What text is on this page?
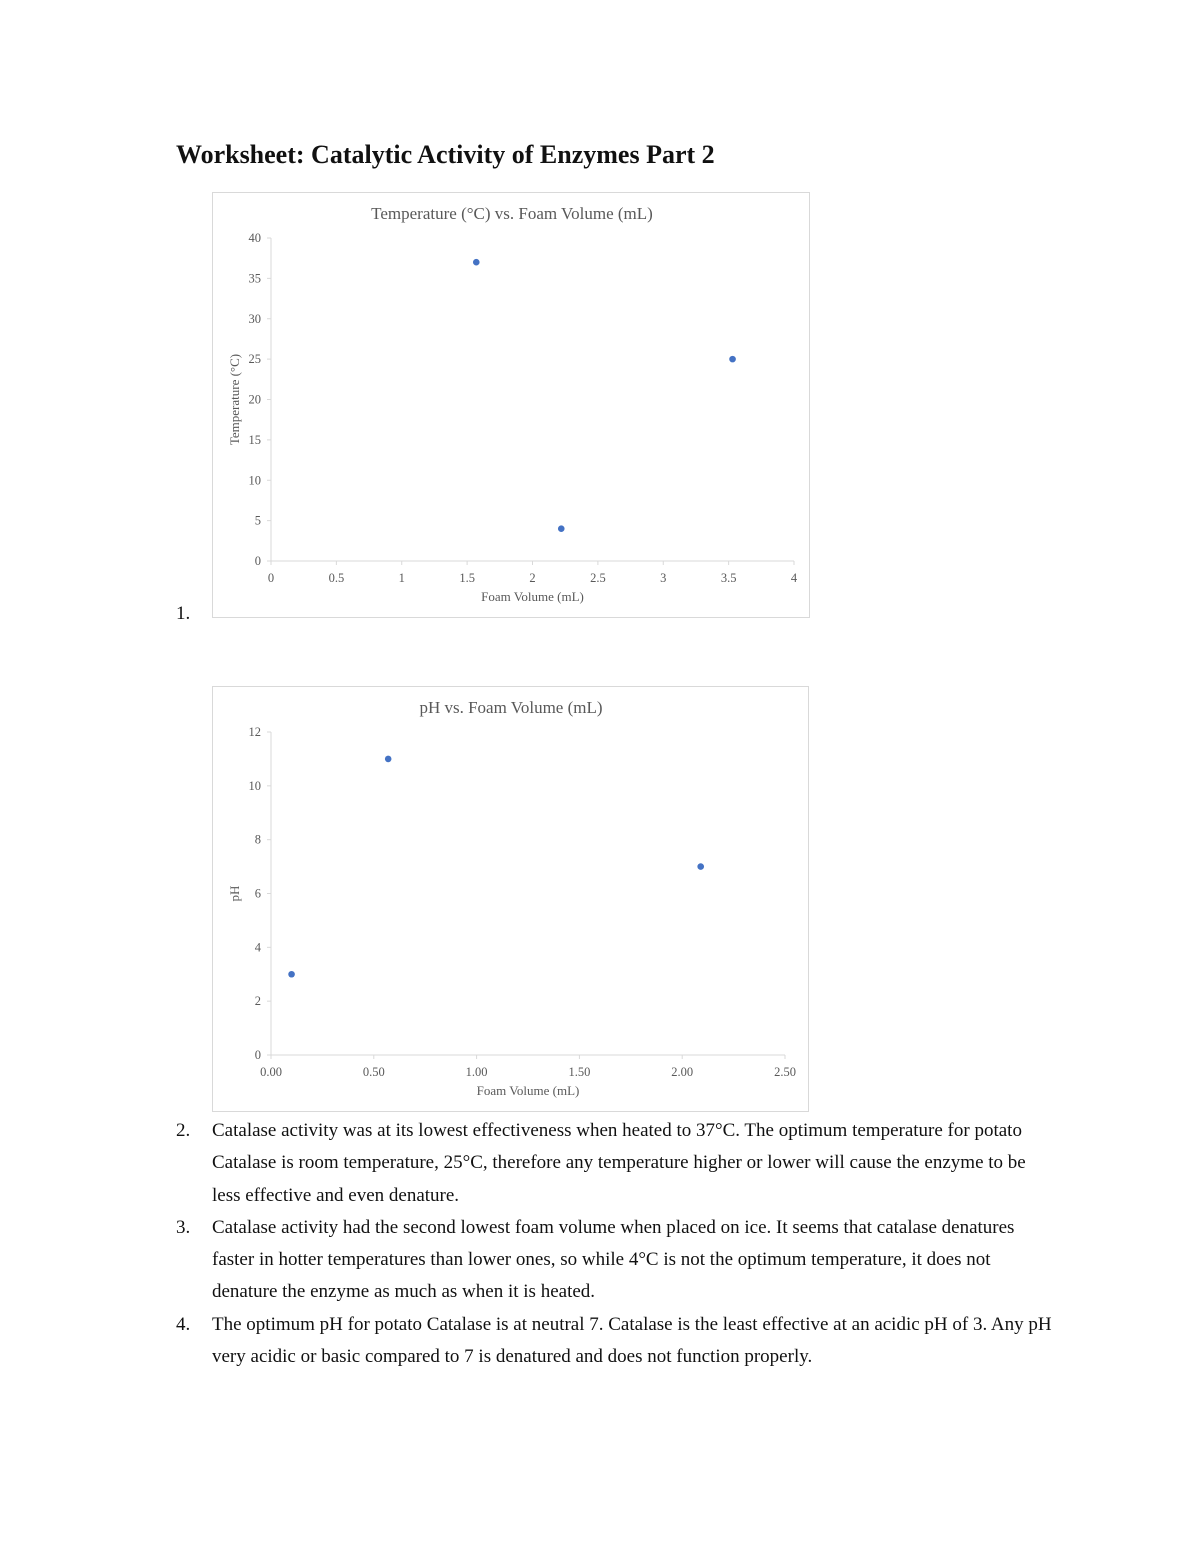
Worksheet: Catalytic Activity of Enzymes Part 2
Temperature (°C) vs. Foam Volume (mL)
0
5
10
15
20
25
30
35
40
0	0.5	1	1.5	2	2.5	3	3.5	4
Foam Volume (mL)
Temperature (°C)
1.
pH vs. Foam Volume (mL)
0
2
4
6
8
10
12
0.00	0.50	1.00	1.50	2.00	2.50
Foam Volume (mL)
pH
2. Catalase activity was at its lowest effectiveness when heated to 37°C. The optimum temperature for potato Catalase is room temperature, 25°C, therefore any temperature higher or lower will cause the enzyme to be less effective and even denature.
3. Catalase activity had the second lowest foam volume when placed on ice. It seems that catalase denatures faster in hotter temperatures than lower ones, so while 4°C is not the optimum temperature, it does not denature the enzyme as much as when it is heated.
4. The optimum pH for potato Catalase is at neutral 7. Catalase is the least effective at an acidic pH of 3. Any pH very acidic or basic compared to 7 is denatured and does not function properly.
